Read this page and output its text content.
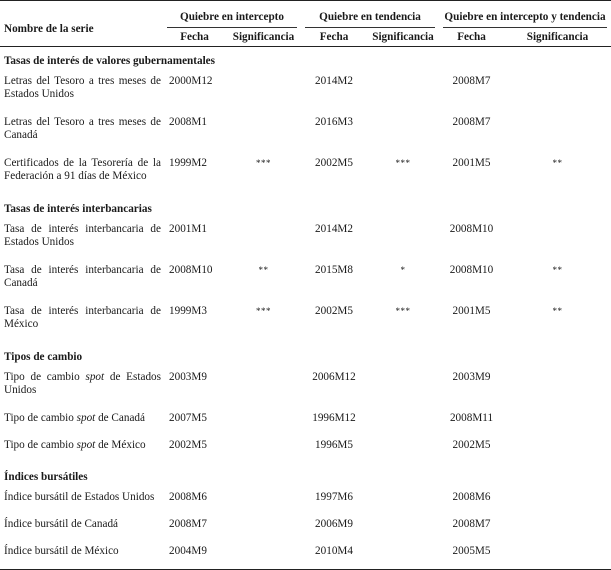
Nombre de la serie	Quiebre en intercepto		Quiebre en tendencia		Quiebre en intercepto y tendencia	

	Fecha	Significancia	Fecha	Significancia	Fecha	Significancia
Tasas de interés de valores gubernamentales						
Letras del Tesoro a tres meses de Estados Unidos	2000M12		2014M2		2008M7	
Letras del Tesoro a tres meses de Canadá	2008M1		2016M3		2008M7	
Certificados de la Tesorería de la Federación a 91 días de México	1999M2	***	2002M5	***	2001M5	**
Tasas de interés interbancarias						
Tasa de interés interbancaria de Estados Unidos	2001M1		2014M2		2008M10	
Tasa de interés interbancaria de Canadá	2008M10	**	2015M8	*	2008M10	**
Tasa de interés interbancaria de México	1999M3	***	2002M5	***	2001M5	**
Tipos de cambio						
Tipo de cambio spot de Estados Unidos	2003M9		2006M12		2003M9	
Tipo de cambio spot de Canadá	2007M5		1996M12		2008M11	
Tipo de cambio spot de México	2002M5		1996M5		2002M5	
Índices bursátiles						
Índice bursátil de Estados Unidos	2008M6		1997M6		2008M6	
Índice bursátil de Canadá	2008M7		2006M9		2008M7	
Índice bursátil de México	2004M9		2010M4		2005M5	
